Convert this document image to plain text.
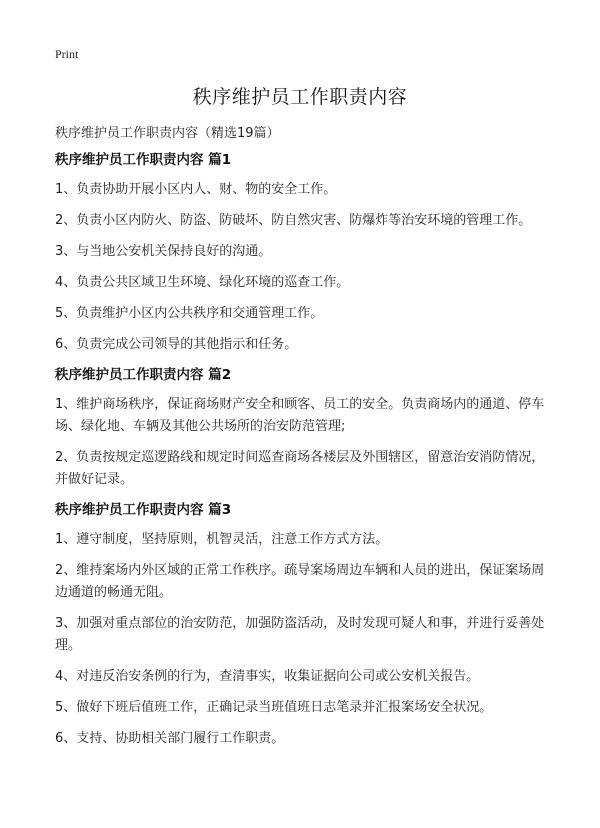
Print
秩序维护员工作职责内容
秩序维护员工作职责内容（精选19篇）

秩序维护员工作职责内容 篇1

1、负责协助开展小区内人、财、物的安全工作。

2、负责小区内防火、防盗、防破坏、防自然灾害、防爆炸等治安环境的管理工作。

3、与当地公安机关保持良好的沟通。

4、负责公共区域卫生环境、绿化环境的巡查工作。

5、负责维护小区内公共秩序和交通管理工作。

6、负责完成公司领导的其他指示和任务。

秩序维护员工作职责内容 篇2

1、维护商场秩序，保证商场财产安全和顾客、员工的安全。负责商场内的通道、停车场、绿化地、车辆及其他公共场所的治安防范管理;

2、负责按规定巡逻路线和规定时间巡查商场各楼层及外围辖区，留意治安消防情况，并做好记录。

秩序维护员工作职责内容 篇3

1、遵守制度，坚持原则，机智灵活，注意工作方式方法。

2、维持案场内外区域的正常工作秩序。疏导案场周边车辆和人员的进出，保证案场周边通道的畅通无阻。

3、加强对重点部位的治安防范，加强防盗活动，及时发现可疑人和事，并进行妥善处理。

4、对违反治安条例的行为，查清事实，收集证据向公司或公安机关报告。

5、做好下班后值班工作，正确记录当班值班日志笔录并汇报案场安全状况。

6、支持、协助相关部门履行工作职责。
